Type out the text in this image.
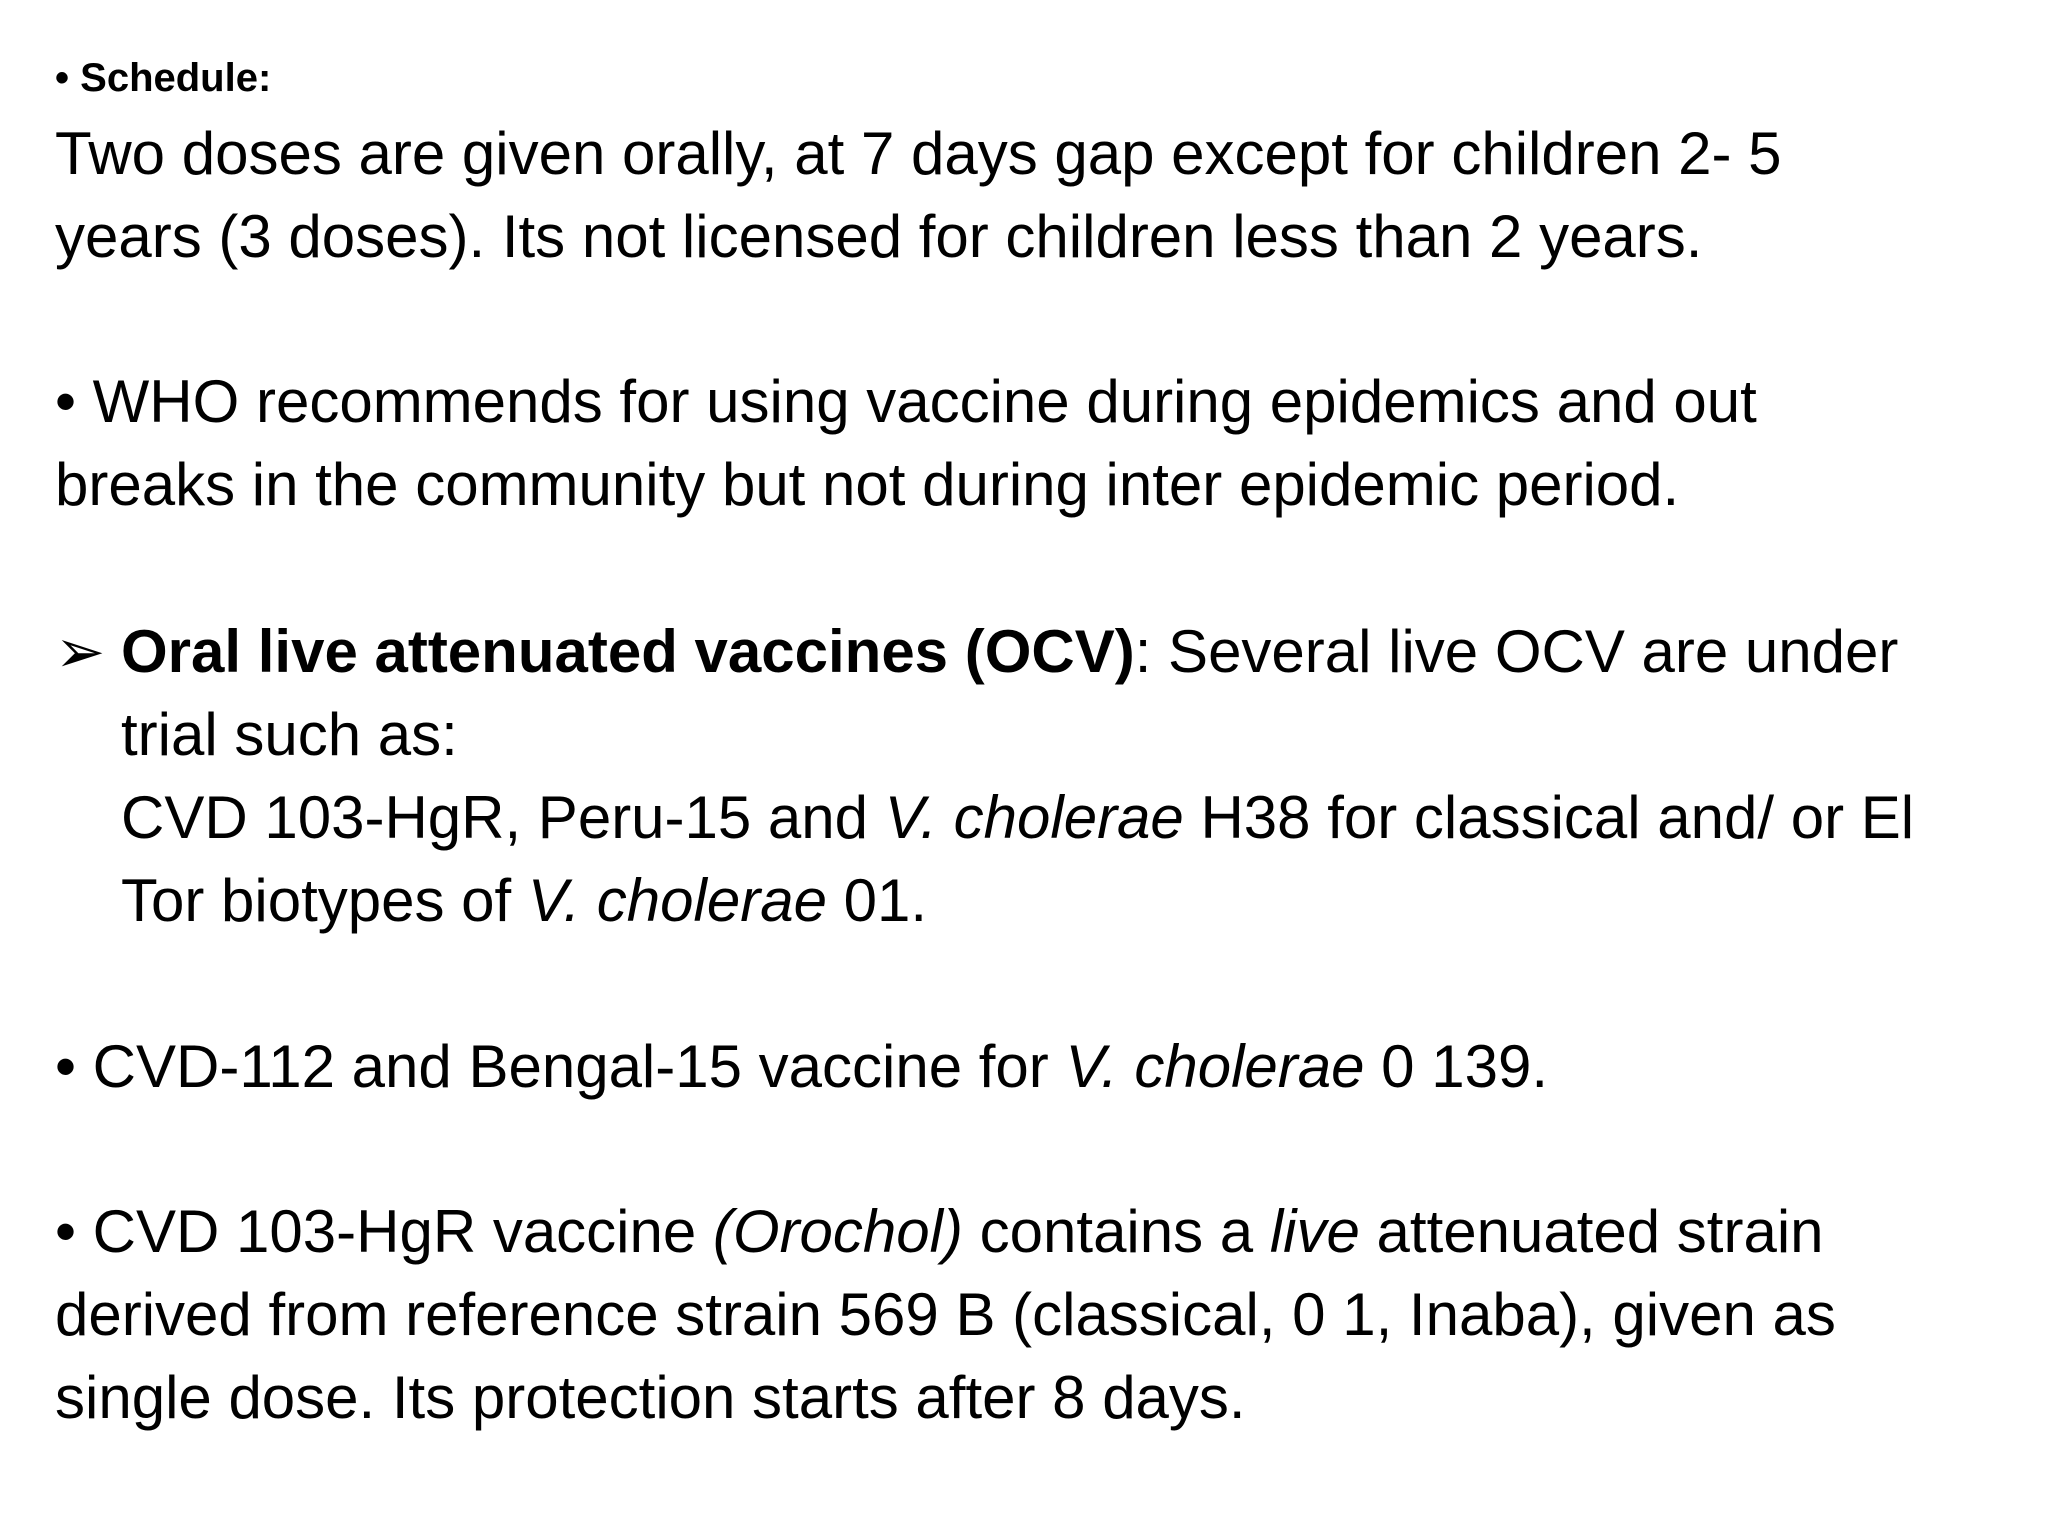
• Schedule:
Two doses are given orally, at 7 days gap except for children 2- 5
years (3 doses). Its not licensed for children less than 2 years.
• WHO recommends for using vaccine during epidemics and out
breaks in the community but not during inter epidemic period.
➢ Oral live attenuated vaccines (OCV): Several live OCV are under
trial such as:
CVD 103-HgR, Peru-15 and V. cholerae H38 for classical and/ or El
Tor biotypes of V. cholerae 01.
• CVD-112 and Bengal-15 vaccine for V. cholerae 0 139.
• CVD 103-HgR vaccine (Orochol) contains a live attenuated strain
derived from reference strain 569 B (classical, 0 1, Inaba), given as
single dose. Its protection starts after 8 days.
